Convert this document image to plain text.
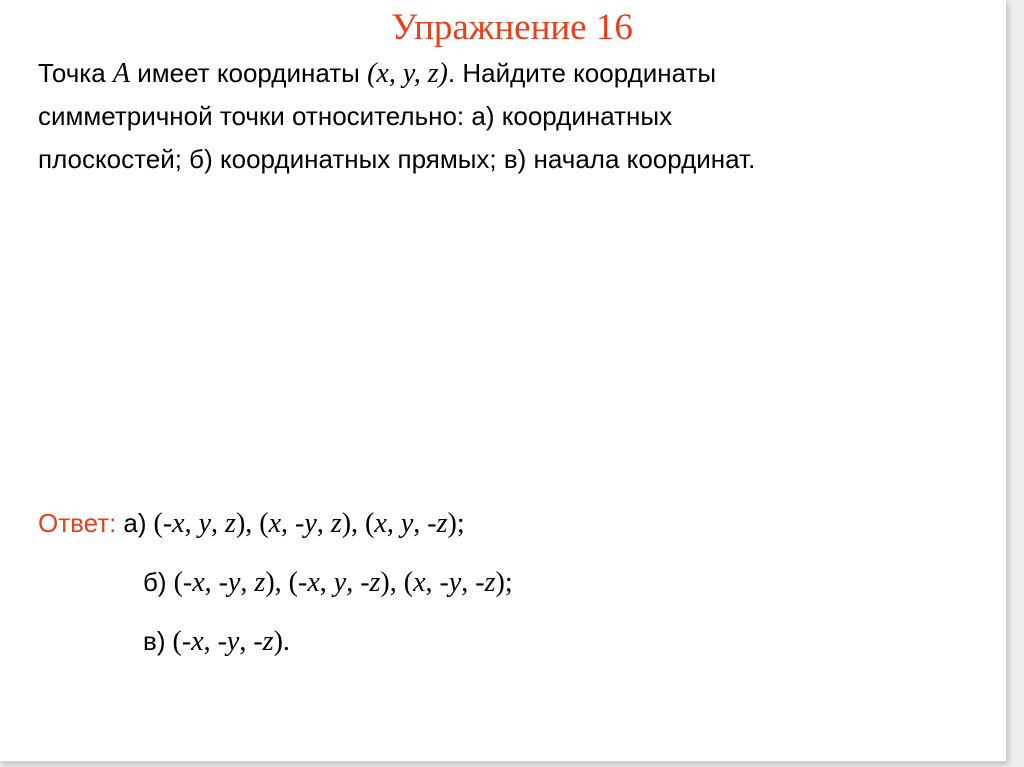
Упражнение 16
Точка A имеет координаты (x, y, z). Найдите координаты
симметричной точки относительно: а) координатных
плоскостей; б) координатных прямых; в) начала координат.
Ответ: а) (-x, y, z), (x, -y, z), (x, y, -z);
б) (-x, -y, z), (-x, y, -z), (x, -y, -z);
в) (-x, -y, -z).
